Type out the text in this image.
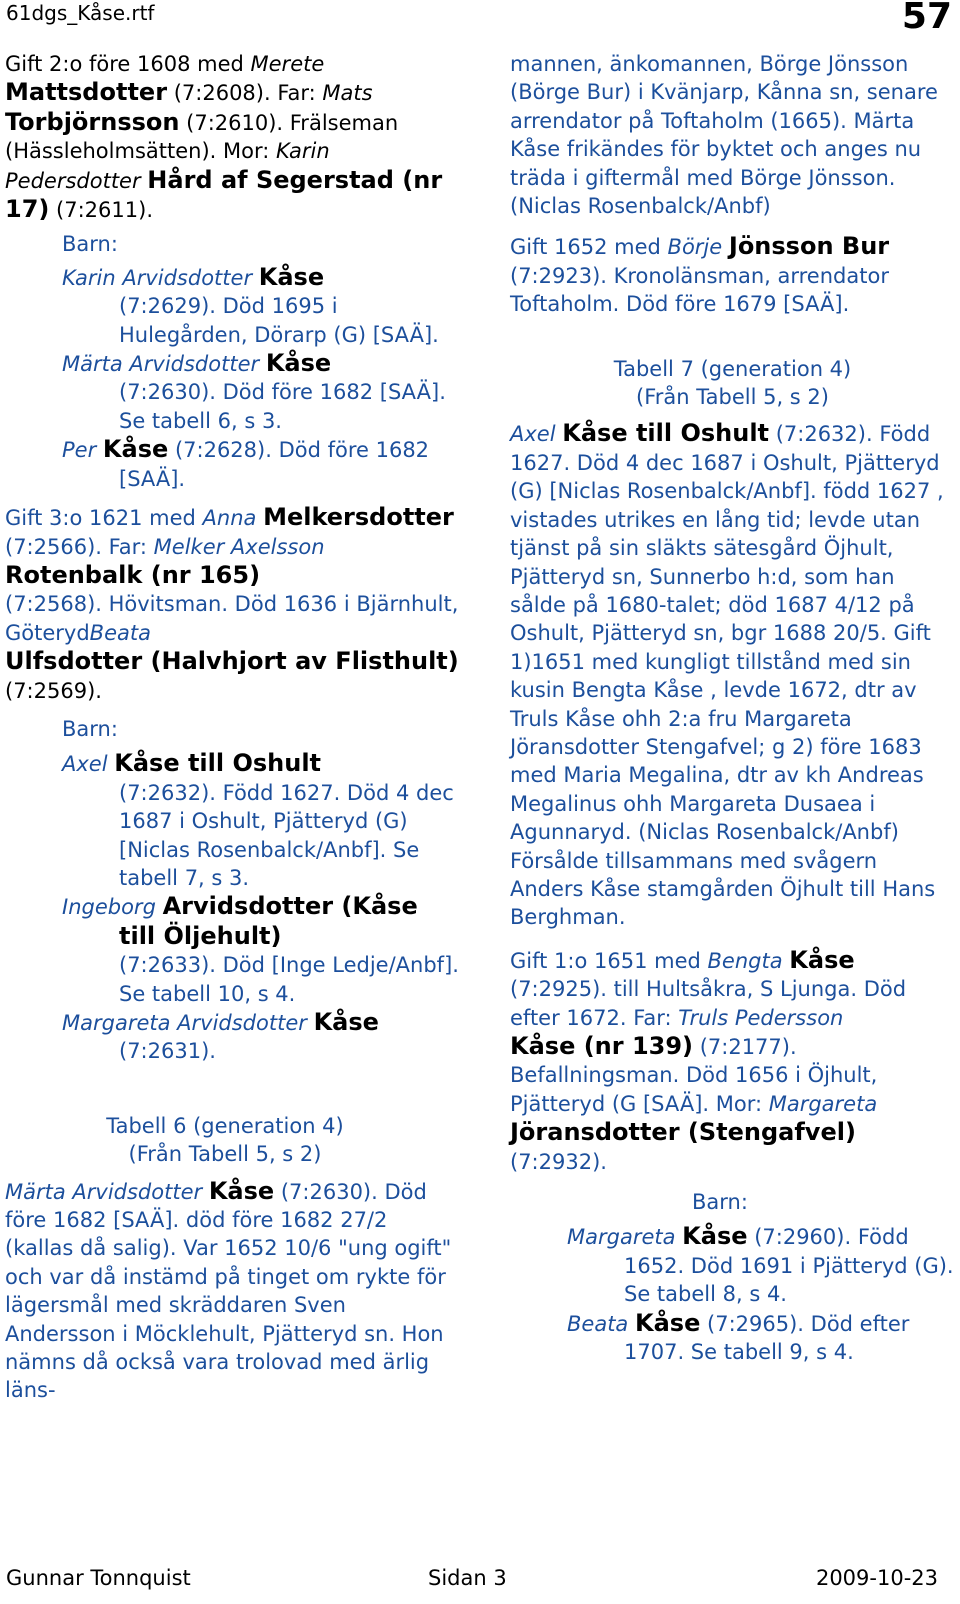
61dgs_Kåse.rtf	57

Gift 2:o före 1608 med Merete
Mattsdotter (7:2608). Far: Mats
Torbjörnsson (7:2610). Frälseman (Hässleholmsätten). Mor: Karin Pedersdotter Hård af Segerstad (nr 17) (7:2611).

Barn:

Karin Arvidsdotter Kåse
(7:2629). Död 1695 i Hulegården, Dörarp (G) [SAÄ].

Märta Arvidsdotter Kåse
(7:2630). Död före 1682 [SAÄ]. Se tabell 6, s 3.

Per Kåse (7:2628). Död före 1682 [SAÄ].

Gift 3:o 1621 med Anna Melkersdotter (7:2566). Far: Melker Axelsson Rotenbalk (nr 165)
(7:2568). Hövitsman. Död 1636 i Bjärnhult, GöterydBeata
Ulfsdotter (Halvhjort av Flisthult) (7:2569).

Barn:

Axel Kåse till Oshult
(7:2632). Född 1627. Död 4 dec 1687 i Oshult, Pjätteryd (G) [Niclas Rosenbalck/Anbf]. Se tabell 7, s 3.

Ingeborg Arvidsdotter (Kåse till Öljehult)
(7:2633). Död [Inge Ledje/Anbf]. Se tabell 10, s 4.

Margareta Arvidsdotter Kåse
(7:2631).

Tabell 6 (generation 4)
(Från Tabell 5, s 2)

Märta Arvidsdotter Kåse (7:2630). Död före 1682 [SAÄ]. död före 1682 27/2 (kallas då salig). Var 1652 10/6 "ung ogift" och var då instämd på tinget om rykte för lägersmål med skräddaren Sven Andersson i Möcklehult, Pjätteryd sn. Hon nämns då också vara trolovad med ärlig läns-

mannen, änkomannen, Börge Jönsson (Börge Bur) i Kvänjarp, Kånna sn, senare arrendator på Toftaholm (1665). Märta Kåse frikändes för byktet och anges nu träda i giftermål med Börge Jönsson. (Niclas Rosenbalck/Anbf)

Gift 1652 med Börje Jönsson Bur
(7:2923). Kronolänsman, arrendator Toftaholm. Död före 1679 [SAÄ].

Tabell 7 (generation 4)
(Från Tabell 5, s 2)

Axel Kåse till Oshult (7:2632). Född 1627. Död 4 dec 1687 i Oshult, Pjätteryd (G) [Niclas Rosenbalck/Anbf]. född 1627 , vistades utrikes en lång tid; levde utan tjänst på sin släkts sätesgård Öjhult, Pjätteryd sn, Sunnerbo h:d, som han sålde på 1680-talet; död 1687 4/12 på Oshult, Pjätteryd sn, bgr 1688 20/5. Gift 1)1651 med kungligt tillstånd med sin kusin Bengta Kåse , levde 1672, dtr av Truls Kåse ohh 2:a fru Margareta Jöransdotter Stengafvel; g 2) före 1683 med Maria Megalina, dtr av kh Andreas Megalinus ohh Margareta Dusaea i Agunnaryd. (Niclas Rosenbalck/Anbf) Försålde tillsammans med svågern Anders Kåse stamgården Öjhult till Hans Berghman.

Gift 1:o 1651 med Bengta Kåse
(7:2925). till Hultsåkra, S Ljunga. Död efter 1672. Far: Truls Pedersson
Kåse (nr 139) (7:2177). Befallningsman. Död 1656 i Öjhult, Pjätteryd (G [SAÄ]. Mor: Margareta Jöransdotter (Stengafvel)
(7:2932).

Barn:

Margareta Kåse (7:2960). Född 1652. Död 1691 i Pjätteryd (G). Se tabell 8, s 4.

Beata Kåse (7:2965). Död efter 1707. Se tabell 9, s 4.

Gunnar Tonnquist	Sidan 3	2009-10-23
